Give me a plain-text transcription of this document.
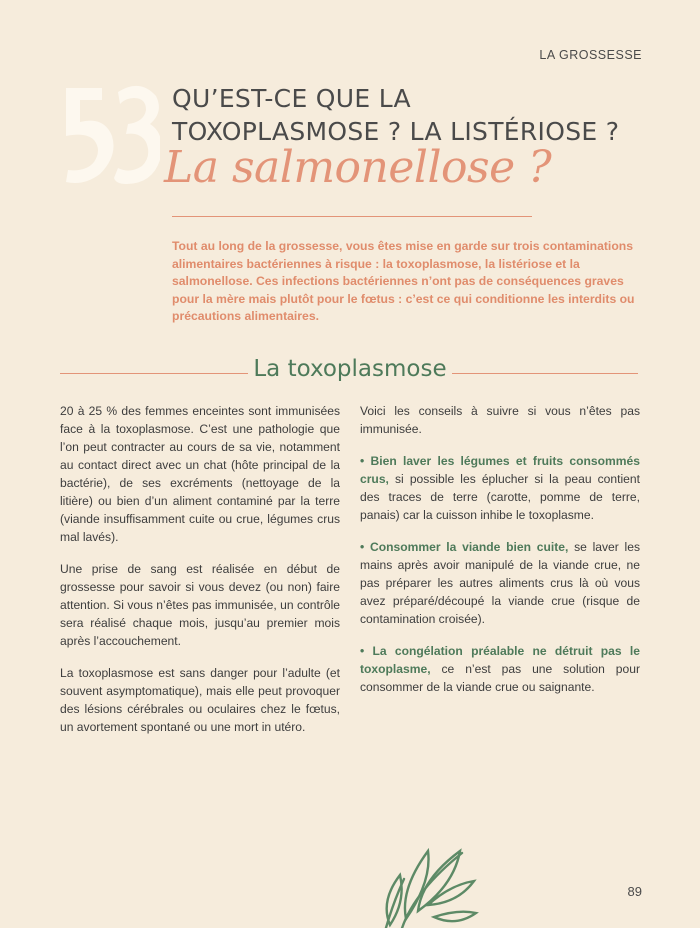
LA GROSSESSE
QU’EST-CE QUE LA
TOXOPLASMOSE ? LA LISTÉRIOSE ?
La salmonellose ?

Tout au long de la grossesse, vous êtes mise en garde sur trois contaminations alimentaires bactériennes à risque : la toxoplasmose, la listériose et la salmonellose. Ces infections bactériennes n’ont pas de conséquences graves pour la mère mais plutôt pour le fœtus : c’est ce qui conditionne les interdits ou précautions alimentaires.

La toxoplasmose

20 à 25 % des femmes enceintes sont immunisées face à la toxoplasmose. C’est une pathologie que l’on peut contracter au cours de sa vie, notamment au contact direct avec un chat (hôte principal de la bactérie), de ses excréments (nettoyage de la litière) ou bien d’un aliment contaminé par la terre (viande insuffisamment cuite ou crue, légumes crus mal lavés).

Une prise de sang est réalisée en début de grossesse pour savoir si vous devez (ou non) faire attention. Si vous n’êtes pas immunisée, un contrôle sera réalisé chaque mois, jusqu’au premier mois après l’accouchement.

La toxoplasmose est sans danger pour l’adulte (et souvent asymptomatique), mais elle peut provoquer des lésions cérébrales ou oculaires chez le fœtus, un avortement spontané ou une mort in utéro.

Voici les conseils à suivre si vous n’êtes pas immunisée.

• Bien laver les légumes et fruits consommés crus, si possible les éplucher si la peau contient des traces de terre (carotte, pomme de terre, panais) car la cuisson inhibe le toxoplasme.

• Consommer la viande bien cuite, se laver les mains après avoir manipulé de la viande crue, ne pas préparer les autres aliments crus là où vous avez préparé/découpé la viande crue (risque de contamination croisée).

• La congélation préalable ne détruit pas le toxoplasme, ce n’est pas une solution pour consommer de la viande crue ou saignante.

89
